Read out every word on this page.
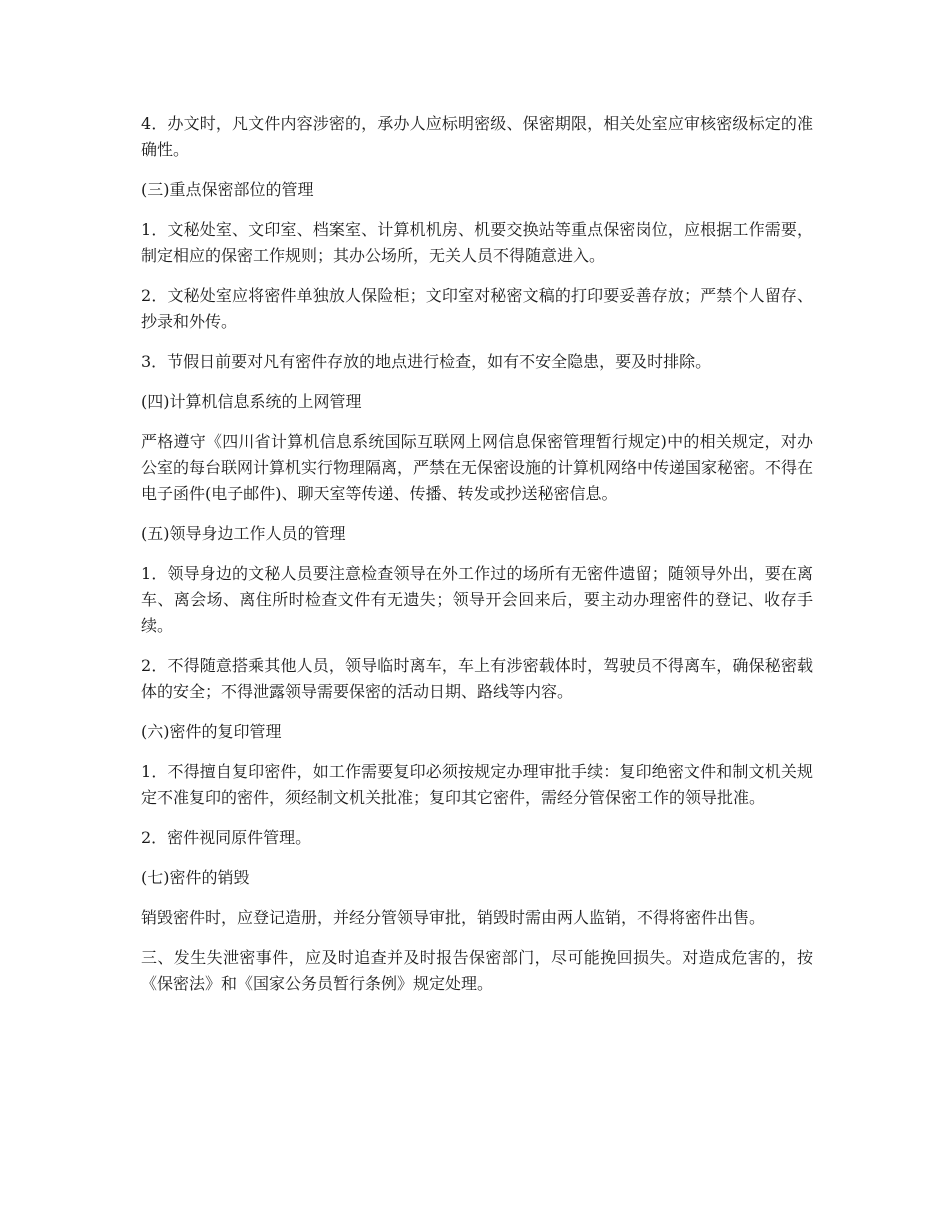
4．办文时，凡文件内容涉密的，承办人应标明密级、保密期限，相关处室应审核密级标定的准确性。

(三)重点保密部位的管理

1．文秘处室、文印室、档案室、计算机机房、机要交换站等重点保密岗位，应根据工作需要，制定相应的保密工作规则；其办公场所，无关人员不得随意进入。

2．文秘处室应将密件单独放人保险柜；文印室对秘密文稿的打印要妥善存放；严禁个人留存、抄录和外传。

3．节假日前要对凡有密件存放的地点进行检查，如有不安全隐患，要及时排除。

(四)计算机信息系统的上网管理

严格遵守《四川省计算机信息系统国际互联网上网信息保密管理暂行规定)中的相关规定，对办公室的每台联网计算机实行物理隔离，严禁在无保密设施的计算机网络中传递国家秘密。不得在电子函件(电子邮件)、聊天室等传递、传播、转发或抄送秘密信息。

(五)领导身边工作人员的管理

1．领导身边的文秘人员要注意检查领导在外工作过的场所有无密件遗留；随领导外出，要在离车、离会场、离住所时检查文件有无遗失；领导开会回来后，要主动办理密件的登记、收存手续。

2．不得随意搭乘其他人员，领导临时离车，车上有涉密载体时，驾驶员不得离车，确保秘密载体的安全；不得泄露领导需要保密的活动日期、路线等内容。

(六)密件的复印管理

1．不得擅自复印密件，如工作需要复印必须按规定办理审批手续：复印绝密文件和制文机关规定不准复印的密件，须经制文机关批准；复印其它密件，需经分管保密工作的领导批准。

2．密件视同原件管理。

(七)密件的销毁

销毁密件时，应登记造册，并经分管领导审批，销毁时需由两人监销，不得将密件出售。

三、发生失泄密事件，应及时追查并及时报告保密部门，尽可能挽回损失。对造成危害的，按《保密法》和《国家公务员暂行条例》规定处理。
